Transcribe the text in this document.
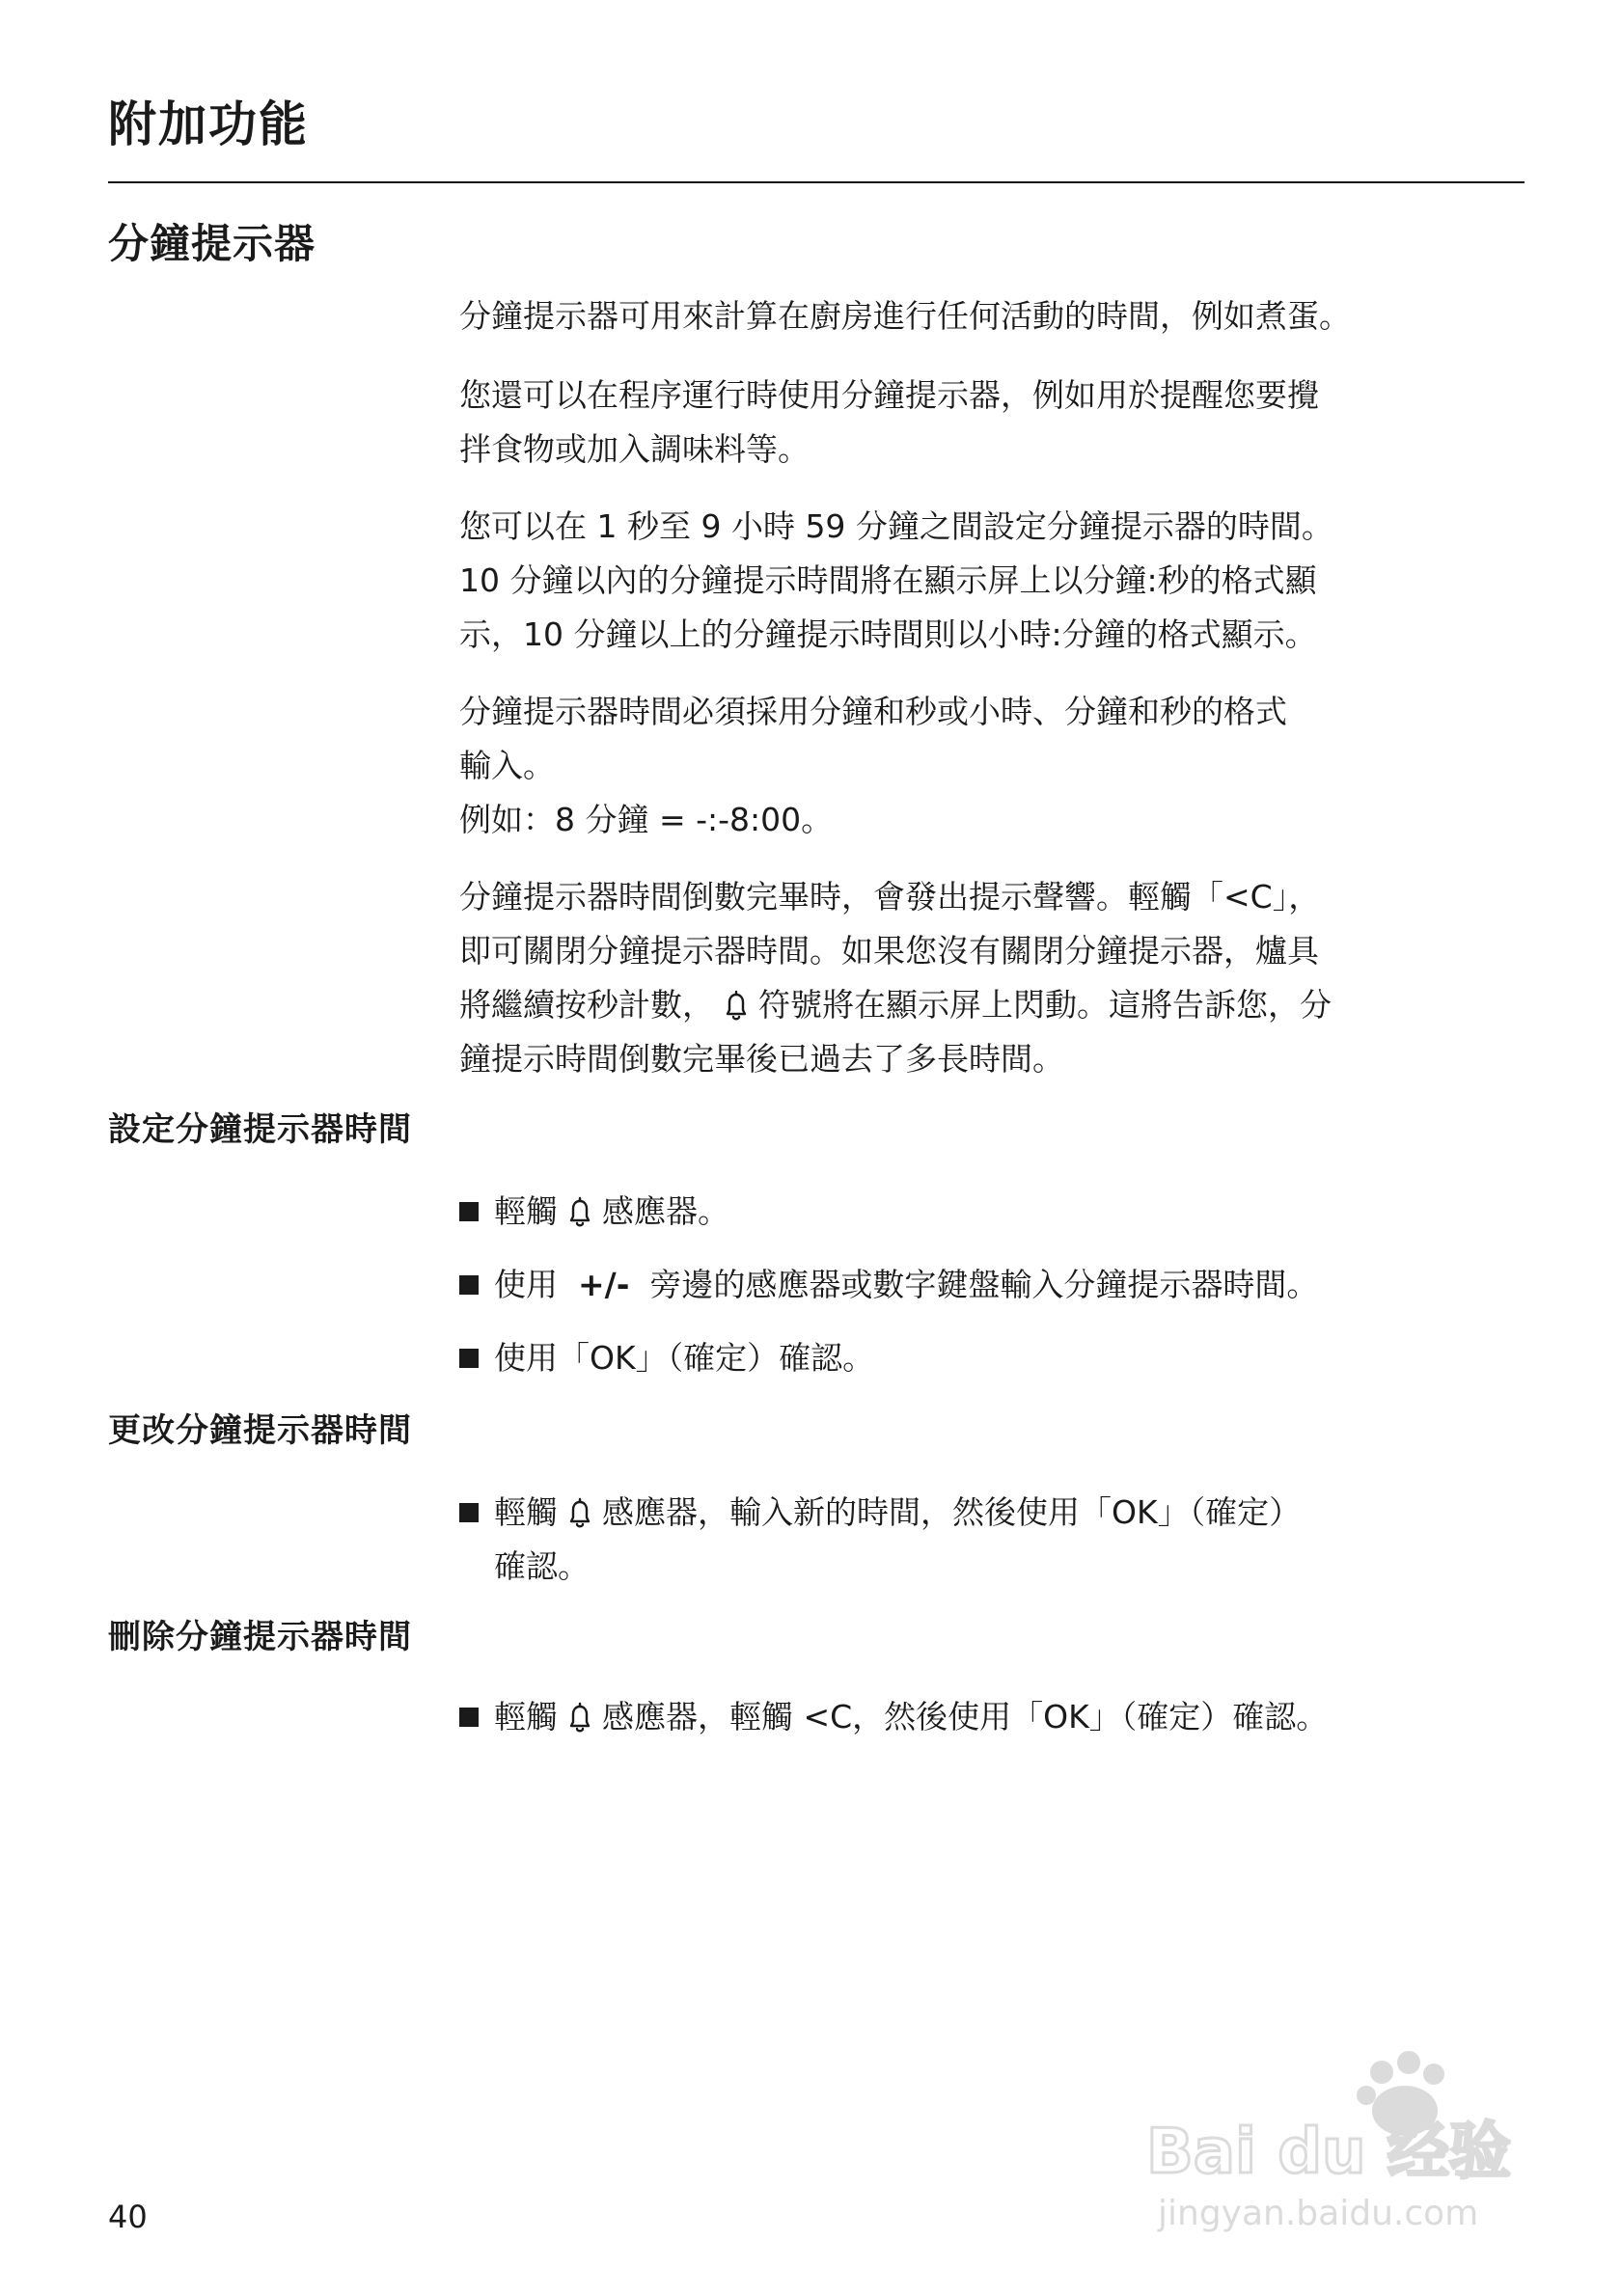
附加功能
分鐘提示器

分鐘提示器可用來計算在廚房進行任何活動的時間，例如煮蛋。

您還可以在程序運行時使用分鐘提示器，例如用於提醒您要攪
拌食物或加入調味料等。

您可以在 1 秒至 9 小時 59 分鐘之間設定分鐘提示器的時間。
10 分鐘以內的分鐘提示時間將在顯示屏上以分鐘:秒的格式顯
示，10 分鐘以上的分鐘提示時間則以小時:分鐘的格式顯示。

分鐘提示器時間必須採用分鐘和秒或小時、分鐘和秒的格式
輸入。
例如：8 分鐘 = -:-8:00。

分鐘提示器時間倒數完畢時，會發出提示聲響。輕觸「<C」，
即可關閉分鐘提示器時間。如果您沒有關閉分鐘提示器，爐具
將繼續按秒計數， 符號將在顯示屏上閃動。這將告訴您，分
鐘提示時間倒數完畢後已過去了多長時間。

設定分鐘提示器時間
輕觸 感應器。
使用 +/- 旁邊的感應器或數字鍵盤輸入分鐘提示器時間。
使用「OK」（確定）確認。
更改分鐘提示器時間
輕觸 感應器，輸入新的時間，然後使用「OK」（確定）
確認。
刪除分鐘提示器時間
輕觸 感應器，輕觸 <C，然後使用「OK」（確定）確認。
40
Bai du 经验
jingyan.baidu.com
